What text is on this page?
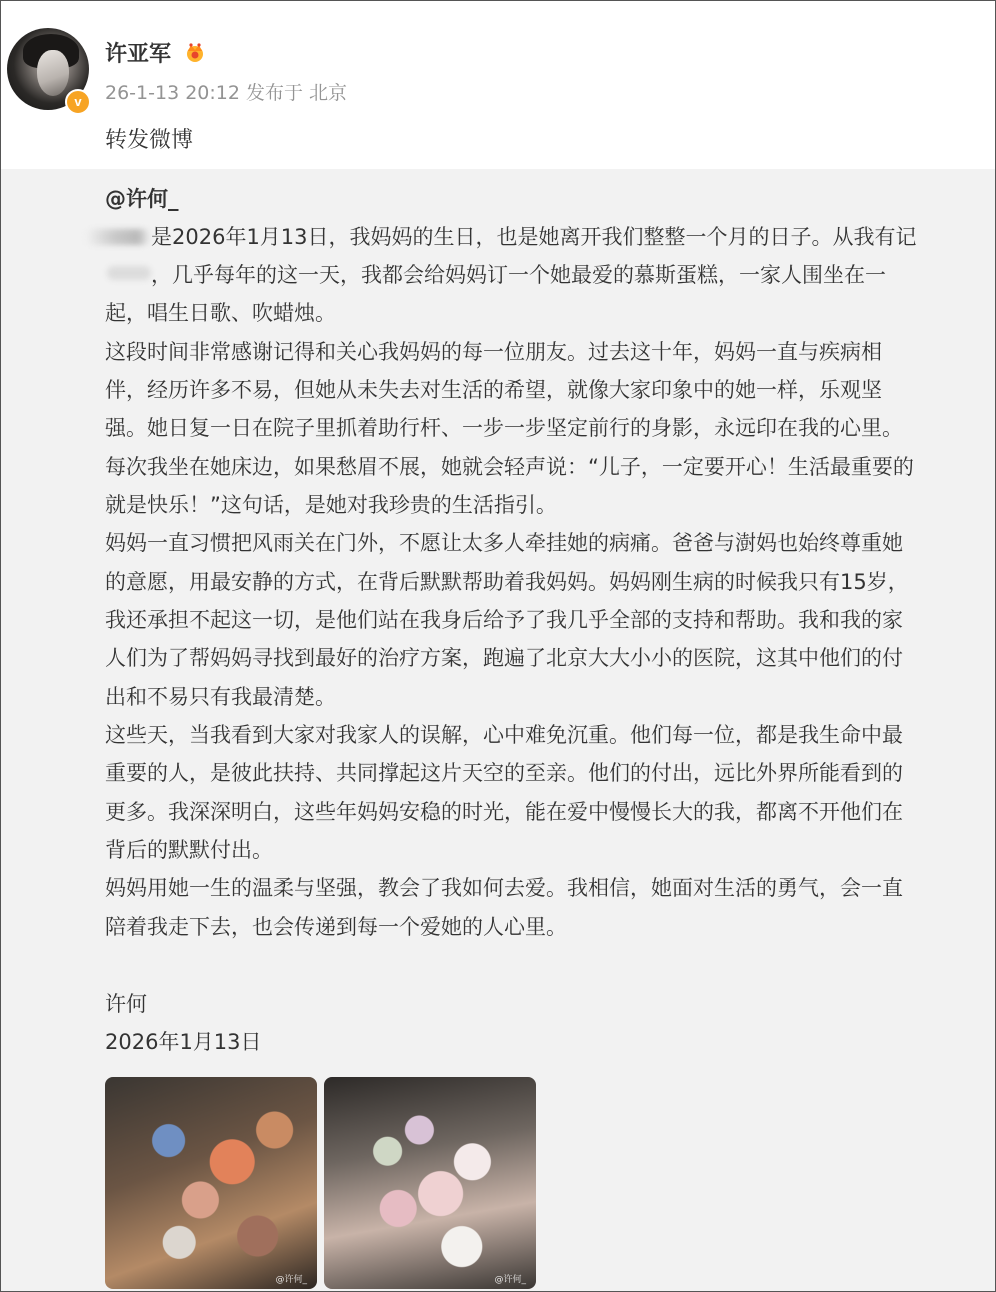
v
许亚军
26-1-13 20:12 发布于 北京
转发微博
@许何_
是2026年1月13日，我妈妈的生日，也是她离开我们整整一个月的日子。从我有记
，几乎每年的这一天，我都会给妈妈订一个她最爱的慕斯蛋糕，一家人围坐在一
起，唱生日歌、吹蜡烛。
这段时间非常感谢记得和关心我妈妈的每一位朋友。过去这十年，妈妈一直与疾病相
伴，经历许多不易，但她从未失去对生活的希望，就像大家印象中的她一样，乐观坚
强。她日复一日在院子里抓着助行杆、一步一步坚定前行的身影，永远印在我的心里。
每次我坐在她床边，如果愁眉不展，她就会轻声说：“儿子，一定要开心！生活最重要的
就是快乐！”这句话，是她对我珍贵的生活指引。
妈妈一直习惯把风雨关在门外，不愿让太多人牵挂她的病痛。爸爸与澍妈也始终尊重她
的意愿，用最安静的方式，在背后默默帮助着我妈妈。妈妈刚生病的时候我只有15岁，
我还承担不起这一切，是他们站在我身后给予了我几乎全部的支持和帮助。我和我的家
人们为了帮妈妈寻找到最好的治疗方案，跑遍了北京大大小小的医院，这其中他们的付
出和不易只有我最清楚。
这些天，当我看到大家对我家人的误解，心中难免沉重。他们每一位，都是我生命中最
重要的人，是彼此扶持、共同撑起这片天空的至亲。他们的付出，远比外界所能看到的
更多。我深深明白，这些年妈妈安稳的时光，能在爱中慢慢长大的我，都离不开他们在
背后的默默付出。
妈妈用她一生的温柔与坚强，教会了我如何去爱。我相信，她面对生活的勇气，会一直
陪着我走下去，也会传递到每一个爱她的人心里。
许何
2026年1月13日
@许何_	@许何_
